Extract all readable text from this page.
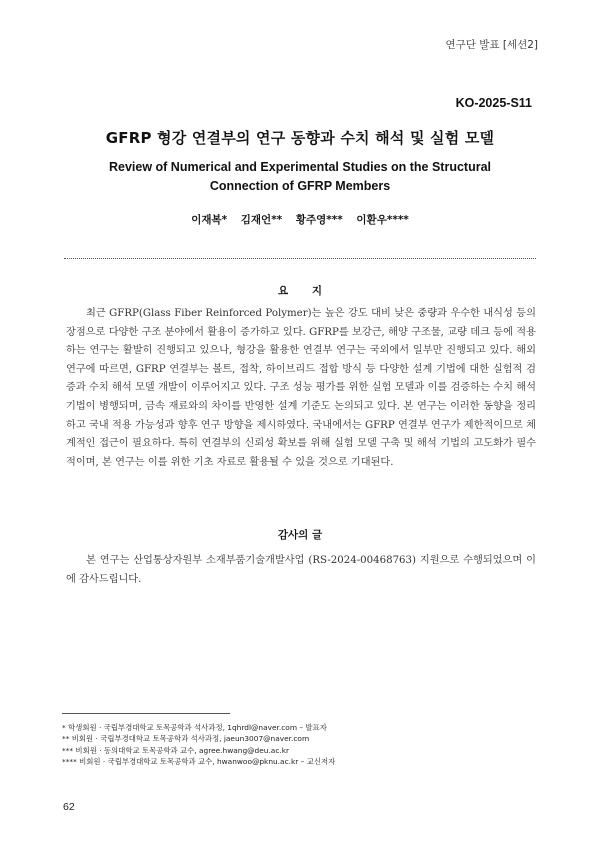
연구단 발표 [세션2]
KO-2025-S11
GFRP 형강 연결부의 연구 동향과 수치 해석 및 실험 모델
Review of Numerical and Experimental Studies on the Structural Connection of GFRP Members
이재복* 김재언** 황주영*** 이환우****
요 지
최근 GFRP(Glass Fiber Reinforced Polymer)는 높은 강도 대비 낮은 중량과 우수한 내식성 등의 장점으로 다양한 구조 분야에서 활용이 증가하고 있다. GFRP를 보강근, 해양 구조물, 교량 데크 등에 적용하는 연구는 활발히 진행되고 있으나, 형강을 활용한 연결부 연구는 국외에서 일부만 진행되고 있다. 해외 연구에 따르면, GFRP 연결부는 볼트, 접착, 하이브리드 접합 방식 등 다양한 설계 기법에 대한 실험적 검증과 수치 해석 모델 개발이 이루어지고 있다. 구조 성능 평가를 위한 실험 모델과 이를 검증하는 수치 해석 기법이 병행되며, 금속 재료와의 차이를 반영한 설계 기준도 논의되고 있다. 본 연구는 이러한 동향을 정리하고 국내 적용 가능성과 향후 연구 방향을 제시하였다. 국내에서는 GFRP 연결부 연구가 제한적이므로 체계적인 접근이 필요하다. 특히 연결부의 신뢰성 확보를 위해 실험 모델 구축 및 해석 기법의 고도화가 필수적이며, 본 연구는 이를 위한 기초 자료로 활용될 수 있을 것으로 기대된다.
감사의 글
본 연구는 산업통상자원부 소재부품기술개발사업 (RS-2024-00468763) 지원으로 수행되었으며 이에 감사드립니다.
* 학생회원 · 국립부경대학교 토목공학과 석사과정, 1qhrdl@naver.com – 발표자
** 비회원 · 국립부경대학교 토목공학과 석사과정, jaeun3007@naver.com
*** 비회원 · 동의대학교 토목공학과 교수, agree.hwang@deu.ac.kr
**** 비회원 · 국립부경대학교 토목공학과 교수, hwanwoo@pknu.ac.kr – 교신저자
62
